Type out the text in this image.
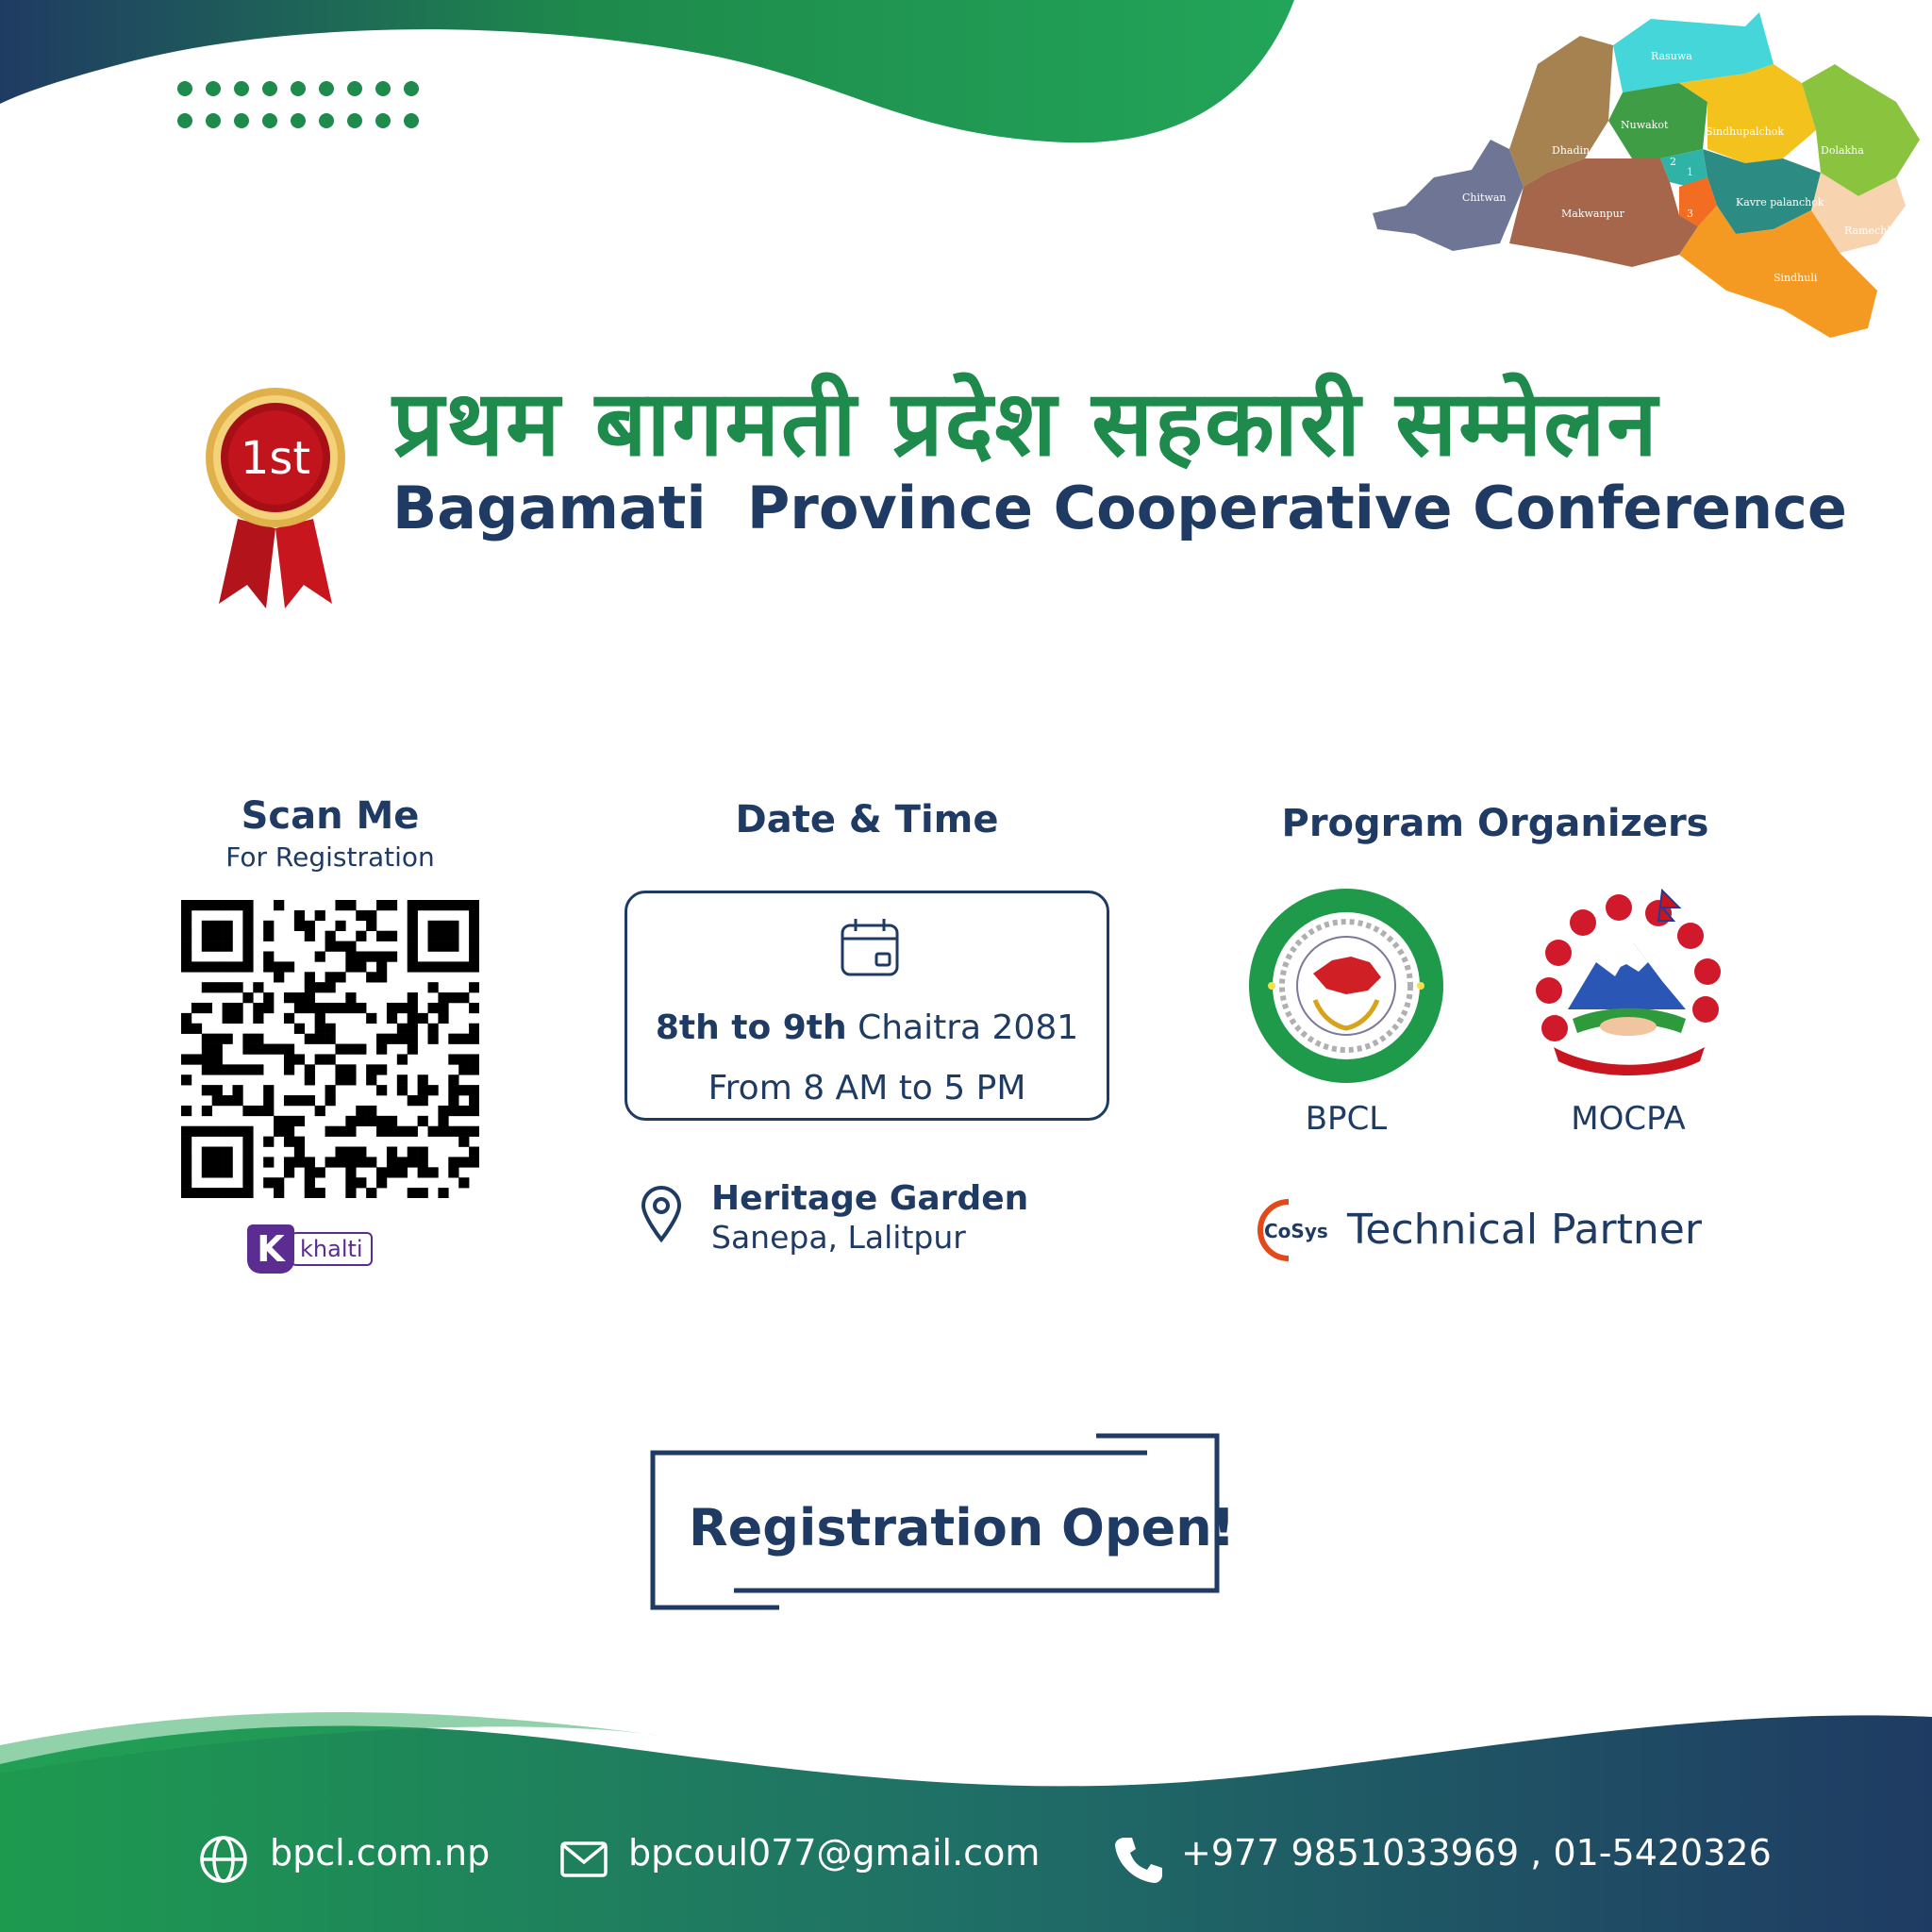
Rasuwa
Nuwakot
Sindhupalchok
Dolakha
Dhading
Chitwan
Makwanpur
Kavre palanchok
Sindhuli
Ramechhap
1
2
3
1st प्रथम बागमती प्रदेश सहकारी सम्मेलन
Bagamati  Province Cooperative Conference
Scan Me
For Registration
K khalti
Date & Time
8th to 9th Chaitra 2081
From 8 AM to 5 PM
Heritage Garden
Sanepa, Lalitpur
Program Organizers
BPCL	MOCPA
CoSys Technical Partner
Registration Open!
bpcl.com.np	bpcoul077@gmail.com	+977 9851033969 , 01-5420326
